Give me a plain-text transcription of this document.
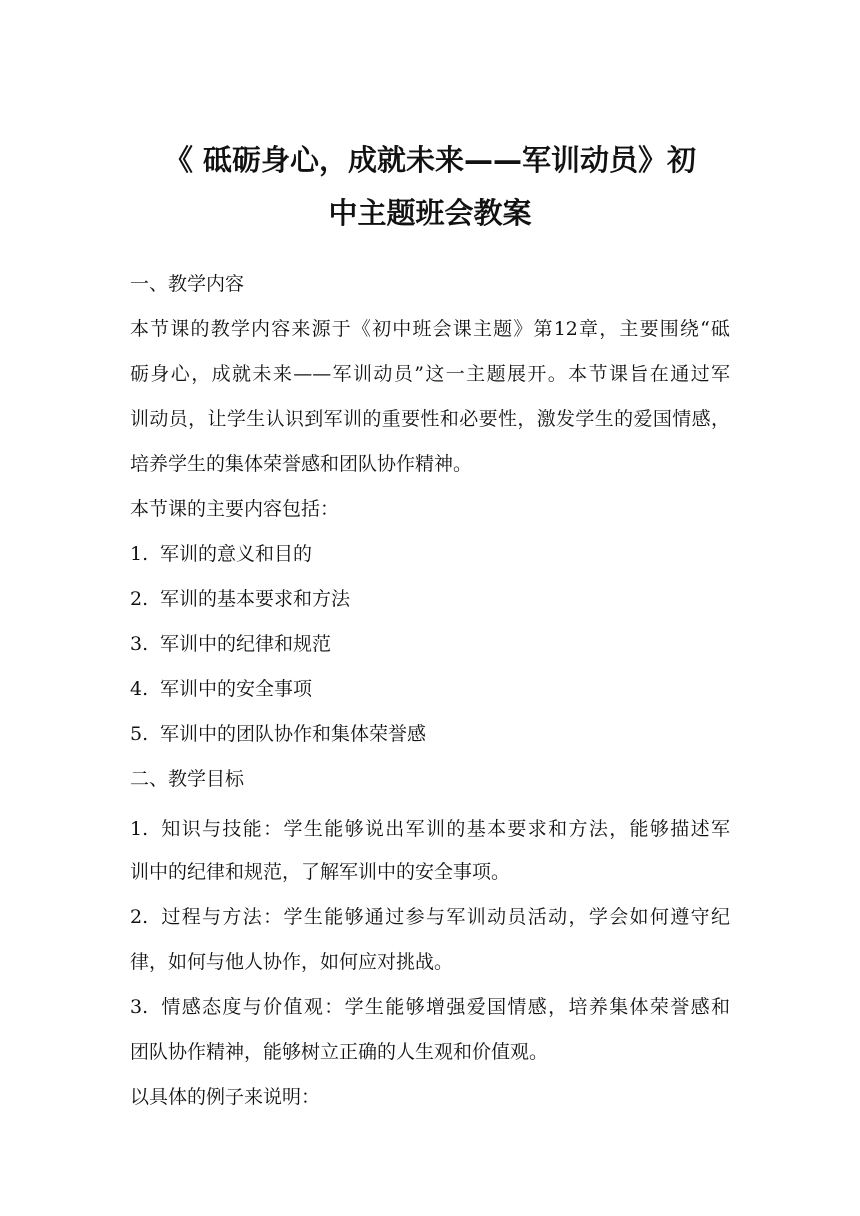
《 砥砺身心，成就未来——军训动员》初
中主题班会教案
一、教学内容
本节课的教学内容来源于《初中班会课主题》第12章，主要围绕“砥
砺身心，成就未来——军训动员”这一主题展开。本节课旨在通过军
训动员，让学生认识到军训的重要性和必要性，激发学生的爱国情感，
培养学生的集体荣誉感和团队协作精神。
本节课的主要内容包括：
1. 军训的意义和目的
2. 军训的基本要求和方法
3. 军训中的纪律和规范
4. 军训中的安全事项
5. 军训中的团队协作和集体荣誉感
二、教学目标
1. 知识与技能：学生能够说出军训的基本要求和方法，能够描述军
训中的纪律和规范，了解军训中的安全事项。
2. 过程与方法：学生能够通过参与军训动员活动，学会如何遵守纪
律，如何与他人协作，如何应对挑战。
3. 情感态度与价值观：学生能够增强爱国情感，培养集体荣誉感和
团队协作精神，能够树立正确的人生观和价值观。
以具体的例子来说明：
